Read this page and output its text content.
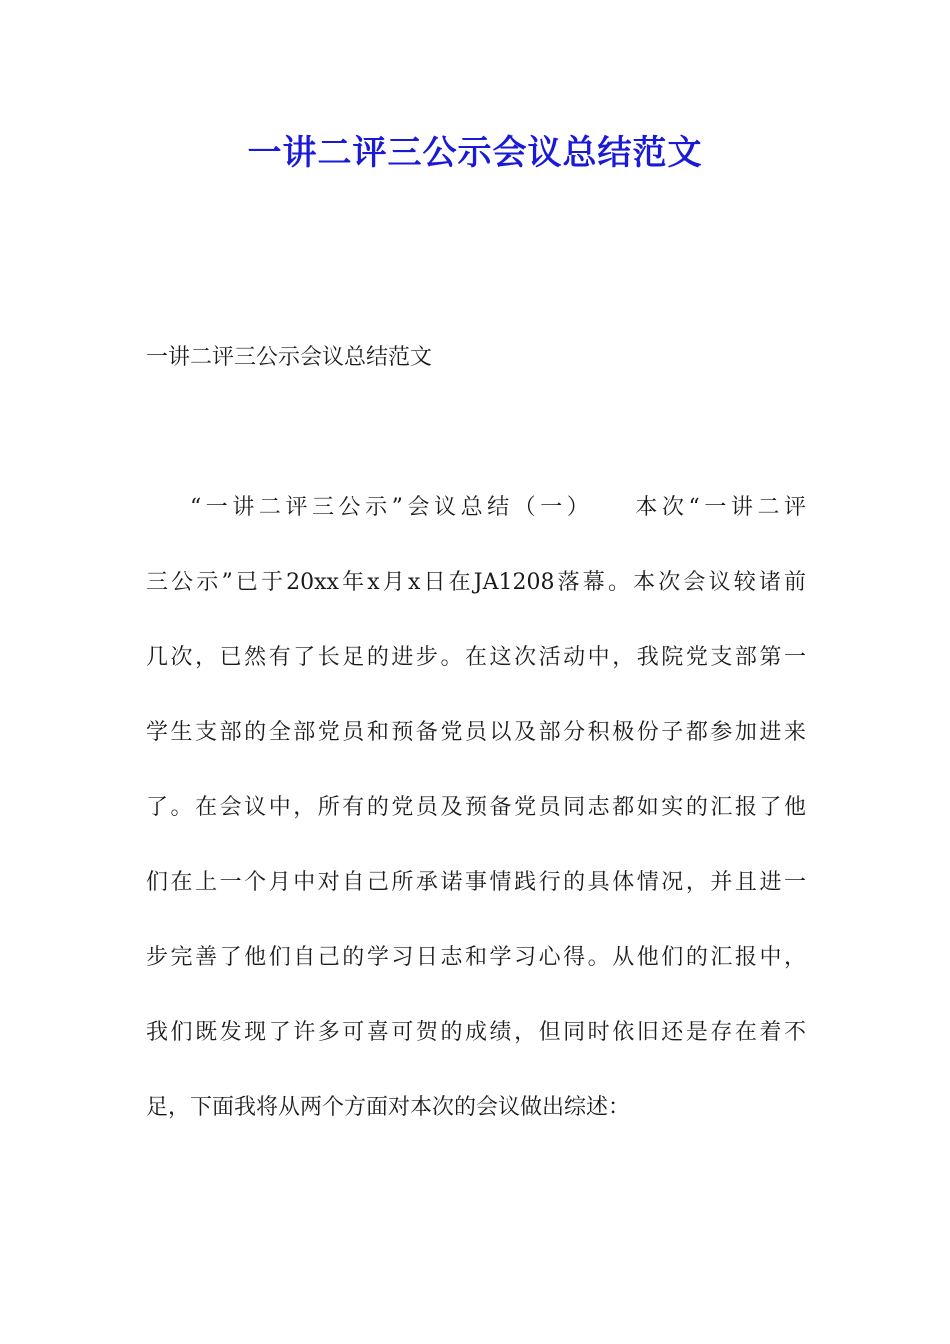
一讲二评三公示会议总结范文
一讲二评三公示会议总结范文
“一讲二评三公示”会议总结（一）　　本次“一讲二评
三公示”已于20xx年x月x日在JA1208落幕。本次会议较诸前
几次，已然有了长足的进步。在这次活动中，我院党支部第一
学生支部的全部党员和预备党员以及部分积极份子都参加进来
了。在会议中，所有的党员及预备党员同志都如实的汇报了他
们在上一个月中对自己所承诺事情践行的具体情况，并且进一
步完善了他们自己的学习日志和学习心得。从他们的汇报中，
我们既发现了许多可喜可贺的成绩，但同时依旧还是存在着不
足，下面我将从两个方面对本次的会议做出综述：
